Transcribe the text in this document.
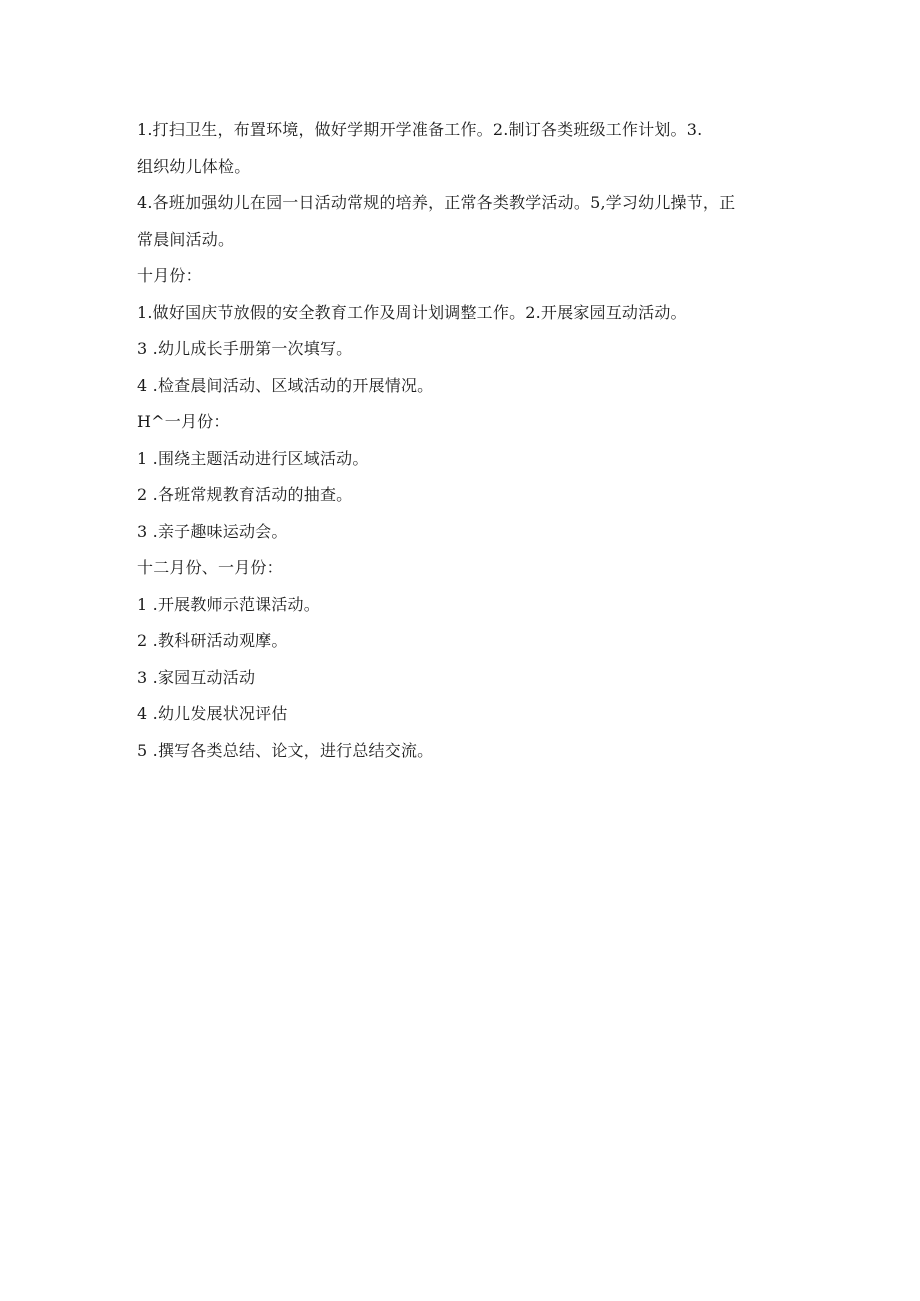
1.打扫卫生，布置环境，做好学期开学准备工作。2.制订各类班级工作计划。3.
组织幼儿体检。
4.各班加强幼儿在园一日活动常规的培养，正常各类教学活动。5,学习幼儿操节，正
常晨间活动。
十月份：
1.做好国庆节放假的安全教育工作及周计划调整工作。2.开展家园互动活动。
3 .幼儿成长手册第一次填写。
4 .检查晨间活动、区域活动的开展情况。
H^一月份：
1 .围绕主题活动进行区域活动。
2 .各班常规教育活动的抽查。
3 .亲子趣味运动会。
十二月份、一月份：
1 .开展教师示范课活动。
2 .教科研活动观摩。
3 .家园互动活动
4 .幼儿发展状况评估
5 .撰写各类总结、论文，进行总结交流。
